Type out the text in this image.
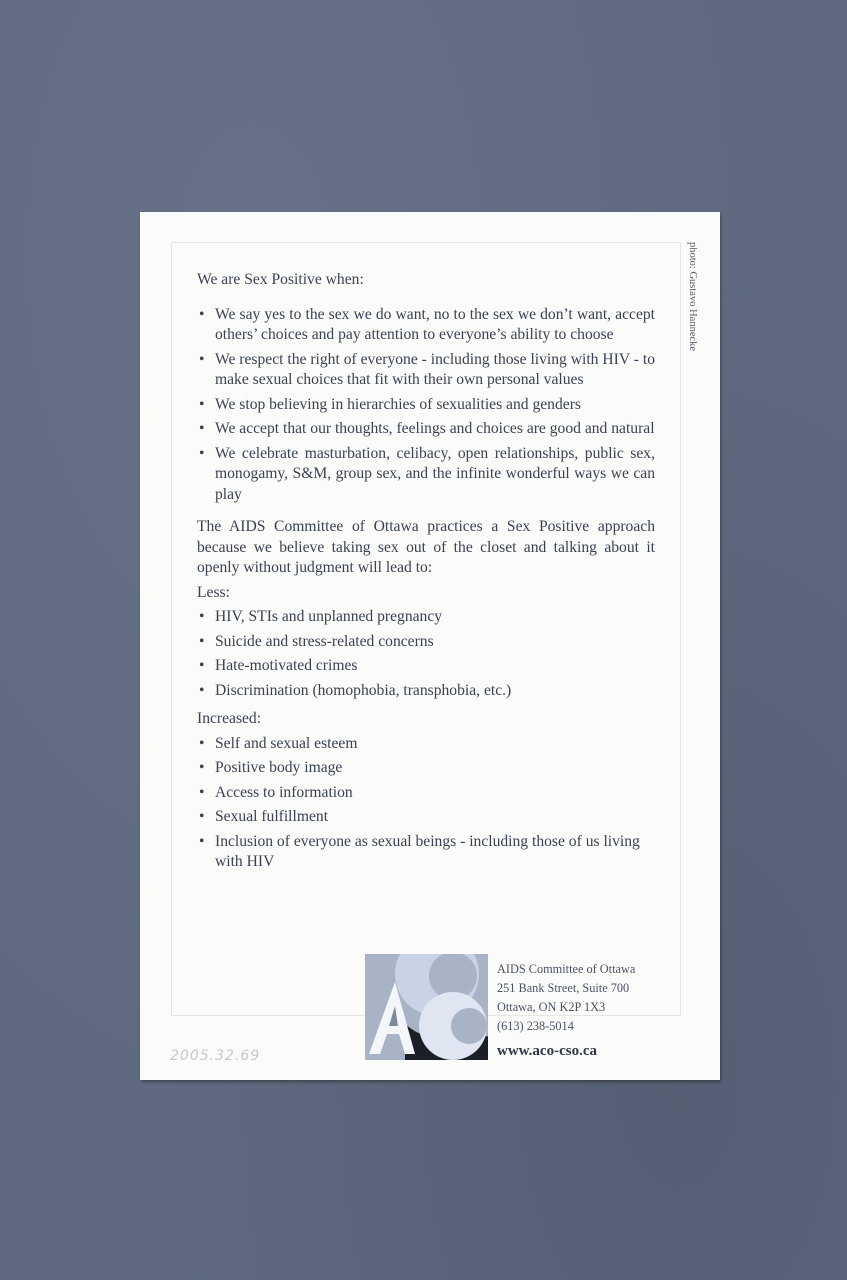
photo: Gustavo Hannecke

We are Sex Positive when:

• We say yes to the sex we do want, no to the sex we don’t want, accept others’ choices and pay attention to everyone’s ability to choose
• We respect the right of everyone - including those living with HIV - to make sexual choices that fit with their own personal values
• We stop believing in hierarchies of sexualities and genders
• We accept that our thoughts, feelings and choices are good and natural
• We celebrate masturbation, celibacy, open relationships, public sex, monogamy, S&M, group sex, and the infinite wonderful ways we can play

The AIDS Committee of Ottawa practices a Sex Positive approach because we believe taking sex out of the closet and talking about it openly without judgment will lead to:

Less:

• HIV, STIs and unplanned pregnancy
• Suicide and stress-related concerns
• Hate-motivated crimes
• Discrimination (homophobia, transphobia, etc.)

Increased:

• Self and sexual esteem
• Positive body image
• Access to information
• Sexual fulfillment
• Inclusion of everyone as sexual beings - including those of us living with HIV
AIDS Committee of Ottawa
251 Bank Street, Suite 700
Ottawa, ON K2P 1X3
(613) 238-5014
www.aco-cso.ca
2005.32.69
